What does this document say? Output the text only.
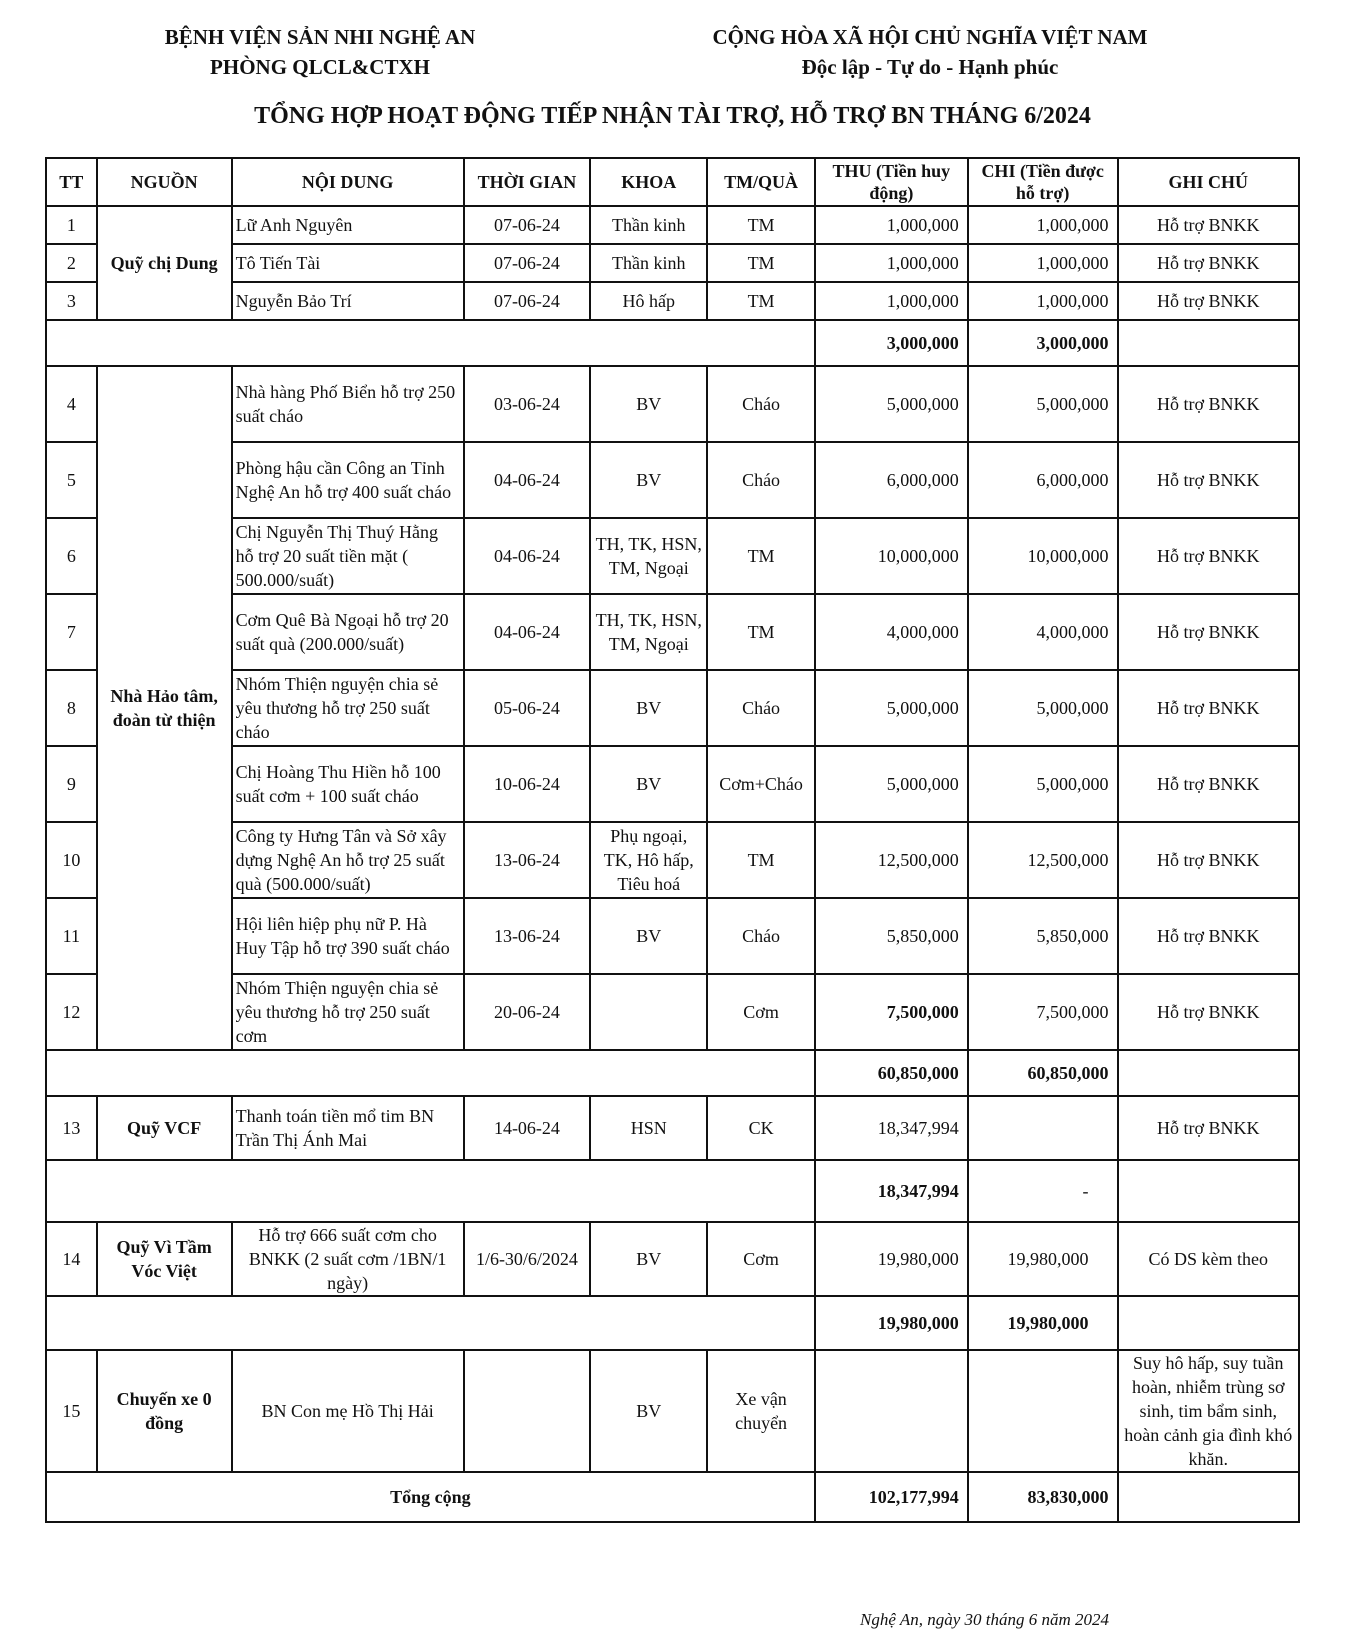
BỆNH VIỆN SẢN NHI NGHỆ AN
PHÒNG QLCL&CTXH
CỘNG HÒA XÃ HỘI CHỦ NGHĨA VIỆT NAM
Độc lập - Tự do - Hạnh phúc
TỔNG HỢP HOẠT ĐỘNG TIẾP NHẬN TÀI TRỢ, HỖ TRỢ BN THÁNG 6/2024
TT	NGUỒN	NỘI DUNG	THỜI GIAN	KHOA	TM/QUÀ	THU (Tiền huy động)	CHI (Tiền được hỗ trợ)	GHI CHÚ
1	Quỹ chị Dung	Lữ Anh Nguyên	07-06-24	Thần kinh	TM	1,000,000	1,000,000	Hỗ trợ BNKK
2		Tô Tiến Tài	07-06-24	Thần kinh	TM	1,000,000	1,000,000	Hỗ trợ BNKK
3		Nguyễn Bảo Trí	07-06-24	Hô hấp	TM	1,000,000	1,000,000	Hỗ trợ BNKK
						3,000,000	3,000,000	
4	Nhà Hảo tâm, đoàn từ thiện	Nhà hàng Phố Biển hỗ trợ 250 suất cháo	03-06-24	BV	Cháo	5,000,000	5,000,000	Hỗ trợ BNKK
5		Phòng hậu cần Công an Tỉnh Nghệ An hỗ trợ 400 suất cháo	04-06-24	BV	Cháo	6,000,000	6,000,000	Hỗ trợ BNKK
6		Chị Nguyễn Thị Thuý Hằng hỗ trợ 20 suất tiền mặt ( 500.000/suất)	04-06-24	TH, TK, HSN, TM, Ngoại	TM	10,000,000	10,000,000	Hỗ trợ BNKK
7		Cơm Quê Bà Ngoại hỗ trợ 20 suất quà (200.000/suất)	04-06-24	TH, TK, HSN, TM, Ngoại	TM	4,000,000	4,000,000	Hỗ trợ BNKK
8		Nhóm Thiện nguyện chia sẻ yêu thương hỗ trợ 250 suất cháo	05-06-24	BV	Cháo	5,000,000	5,000,000	Hỗ trợ BNKK
9		Chị Hoàng Thu Hiền hỗ 100 suất cơm + 100 suất cháo	10-06-24	BV	Cơm+Cháo	5,000,000	5,000,000	Hỗ trợ BNKK
10		Công ty Hưng Tân và Sở xây dựng Nghệ An hỗ trợ 25 suất quà (500.000/suất)	13-06-24	Phụ ngoại, TK, Hô hấp, Tiêu hoá	TM	12,500,000	12,500,000	Hỗ trợ BNKK
11		Hội liên hiệp phụ nữ P. Hà Huy Tập hỗ trợ 390 suất cháo	13-06-24	BV	Cháo	5,850,000	5,850,000	Hỗ trợ BNKK
12		Nhóm Thiện nguyện chia sẻ yêu thương hỗ trợ 250 suất cơm	20-06-24		Cơm	7,500,000	7,500,000	Hỗ trợ BNKK
						60,850,000	60,850,000	
13	Quỹ VCF	Thanh toán tiền mổ tim BN Trần Thị Ánh Mai	14-06-24	HSN	CK	18,347,994		Hỗ trợ BNKK
						18,347,994	-	
14	Quỹ Vì Tầm Vóc Việt	Hỗ trợ 666 suất cơm cho BNKK (2 suất cơm /1BN/1 ngày)	1/6-30/6/2024	BV	Cơm	19,980,000	19,980,000	Có DS kèm theo
						19,980,000	19,980,000	
15	Chuyến xe 0 đồng	BN Con mẹ Hồ Thị Hải		BV	Xe vận chuyển			Suy hô hấp, suy tuần hoàn, nhiễm trùng sơ sinh, tim bẩm sinh, hoàn cảnh gia đình khó khăn.
Tổng cộng						102,177,994	83,830,000	
Nghệ An, ngày 30 tháng 6 năm 2024
